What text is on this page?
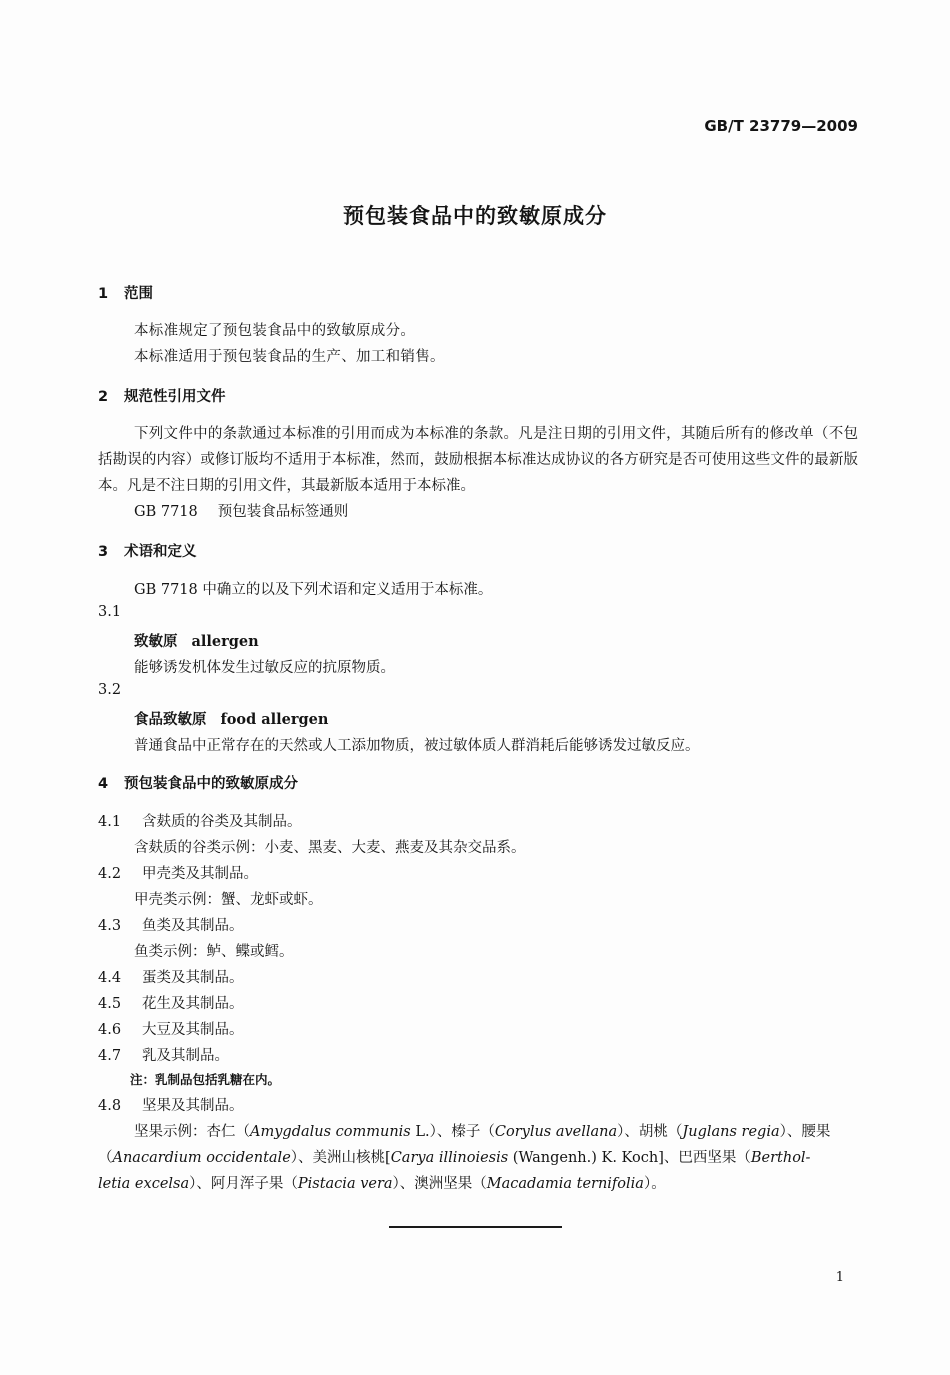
GB/T 23779—2009
预包装食品中的致敏原成分
1 范围
本标准规定了预包装食品中的致敏原成分。
本标准适用于预包装食品的生产、加工和销售。
2 规范性引用文件
下列文件中的条款通过本标准的引用而成为本标准的条款。凡是注日期的引用文件，其随后所有的修改单（不包括勘误的内容）或修订版均不适用于本标准，然而，鼓励根据本标准达成协议的各方研究是否可使用这些文件的最新版本。凡是不注日期的引用文件，其最新版本适用于本标准。
GB 7718 预包装食品标签通则
3 术语和定义
GB 7718 中确立的以及下列术语和定义适用于本标准。
3.1
致敏原 allergen
能够诱发机体发生过敏反应的抗原物质。
3.2
食品致敏原 food allergen
普通食品中正常存在的天然或人工添加物质，被过敏体质人群消耗后能够诱发过敏反应。
4 预包装食品中的致敏原成分
4.1 含麸质的谷类及其制品。
含麸质的谷类示例：小麦、黑麦、大麦、燕麦及其杂交品系。
4.2 甲壳类及其制品。
甲壳类示例：蟹、龙虾或虾。
4.3 鱼类及其制品。
鱼类示例：鲈、鲽或鳕。
4.4 蛋类及其制品。
4.5 花生及其制品。
4.6 大豆及其制品。
4.7 乳及其制品。
注：乳制品包括乳糖在内。
4.8 坚果及其制品。
坚果示例：杏仁（Amygdalus communis L.）、榛子（Corylus avellana）、胡桃（Juglans regia）、腰果
（Anacardium occidentale）、美洲山核桃[Carya illinoiesis (Wangenh.) K. Koch]、巴西坚果（Berthol-
letia excelsa）、阿月浑子果（Pistacia vera）、澳洲坚果（Macadamia ternifolia）。
1
